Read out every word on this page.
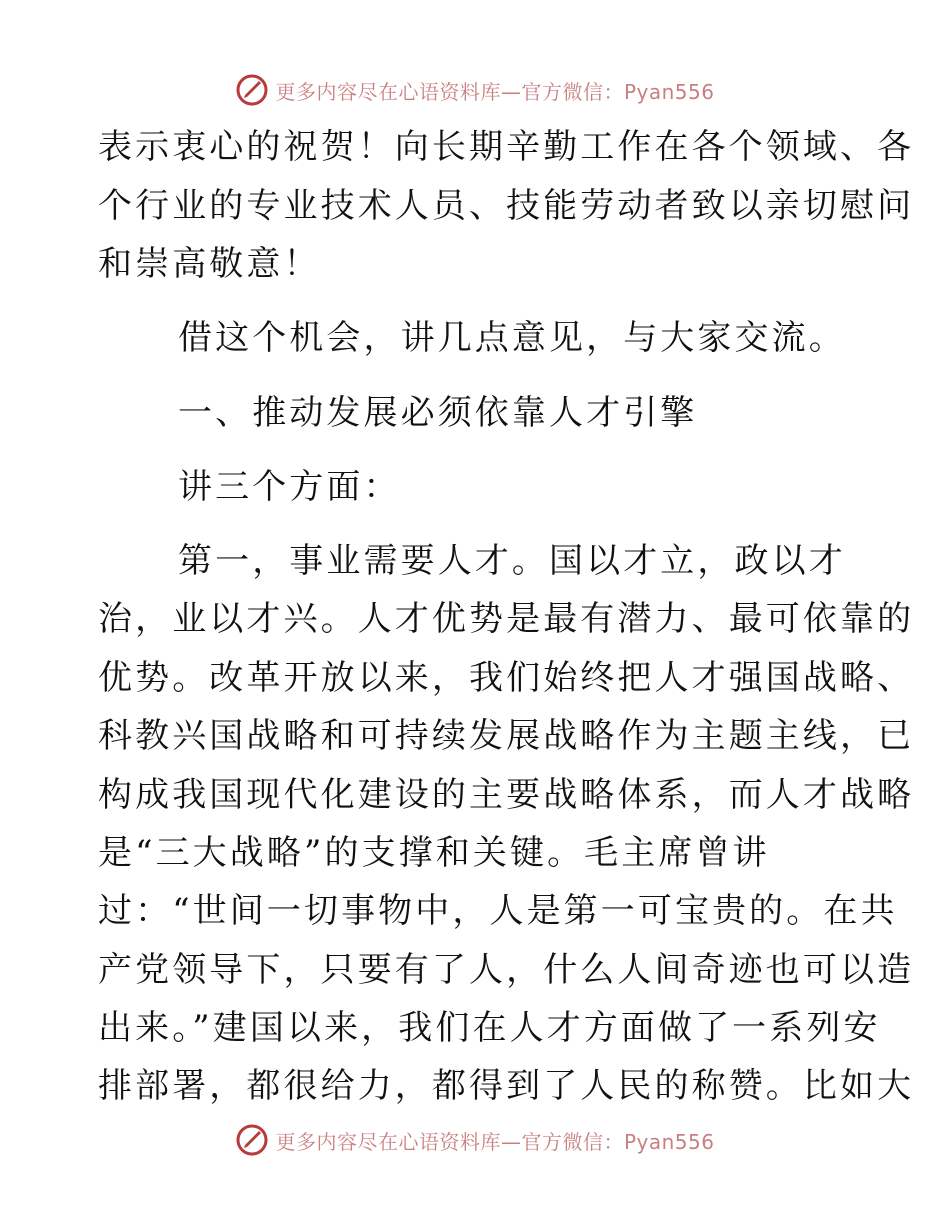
更多内容尽在心语资料库—官方微信：Pyan556
表示衷心的祝贺！向长期辛勤工作在各个领域、各
个行业的专业技术人员、技能劳动者致以亲切慰问
和崇高敬意！
借这个机会，讲几点意见，与大家交流。
一、推动发展必须依靠人才引擎
讲三个方面：
第一，事业需要人才。国以才立，政以才
治，业以才兴。人才优势是最有潜力、最可依靠的
优势。改革开放以来，我们始终把人才强国战略、
科教兴国战略和可持续发展战略作为主题主线，已
构成我国现代化建设的主要战略体系，而人才战略
是“三大战略”的支撑和关键。毛主席曾讲
过：“世间一切事物中，人是第一可宝贵的。在共
产党领导下，只要有了人，什么人间奇迹也可以造
出来。”建国以来，我们在人才方面做了一系列安
排部署，都很给力，都得到了人民的称赞。比如大
更多内容尽在心语资料库—官方微信：Pyan556
